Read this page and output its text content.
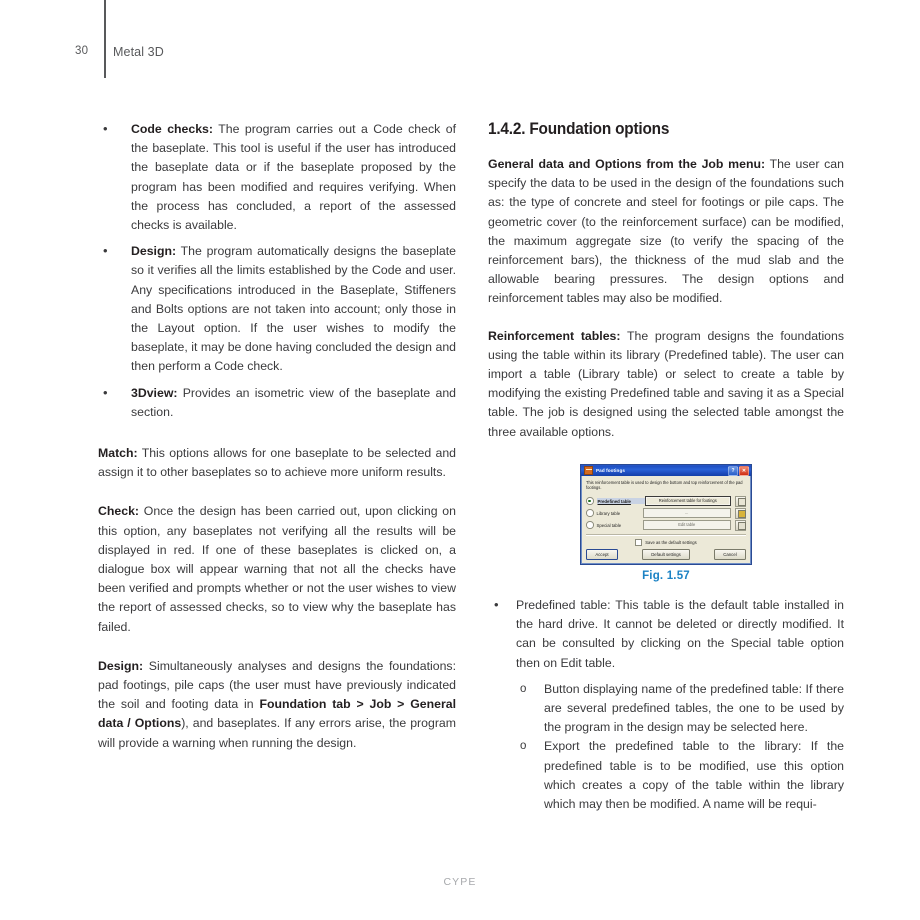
30 Metal 3D
• Code checks: The program carries out a Code check of the baseplate. This tool is useful if the user has introduced the baseplate data or if the baseplate proposed by the program has been modified and requires verifying. When the process has concluded, a report of the assessed checks is available.
• Design: The program automatically designs the baseplate so it verifies all the limits established by the Code and user. Any specifications introduced in the Baseplate, Stiffeners and Bolts options are not taken into account; only those in the Layout option. If the user wishes to modify the baseplate, it may be done having concluded the design and then perform a Code check.
• 3Dview: Provides an isometric view of the baseplate and section.

Match: This options allows for one baseplate to be selected and assign it to other baseplates so to achieve more uniform results.

Check: Once the design has been carried out, upon clicking on this option, any baseplates not verifying all the results will be displayed in red. If one of these baseplates is clicked on, a dialogue box will appear warning that not all the checks have been verified and prompts whether or not the user wishes to view the report of assessed checks, so to view why the baseplate has failed.

Design: Simultaneously analyses and designs the foundations: pad footings, pile caps (the user must have previously indicated the soil and footing data in Foundation tab > Job > General data / Options), and baseplates. If any errors arise, the program will provide a warning when running the design.

1.4.2. Foundation options

General data and Options from the Job menu: The user can specify the data to be used in the design of the foundations such as: the type of concrete and steel for footings or pile caps. The geometric cover (to the reinforcement surface) can be modified, the maximum aggregate size (to verify the spacing of the reinforcement bars), the thickness of the mud slab and the allowable bearing pressures. The design options and reinforcement tables may also be modified.

Reinforcement tables: The program designs the foundations using the table within its library (Predefined table). The user can import a table (Library table) or select to create a table by modifying the existing Predefined table and saving it as a Special table. The job is designed using the selected table amongst the three available options.

Pad footings	?	✕
This reinforcement table is used to design the bottom and top reinforcement of the pad footings.
Predefined table	Reinforcement table for footings
Library table	...
Special table	Edit table
Save as the default settings
Accept	Default settings	Cancel
Fig. 1.57
• Predefined table: This table is the default table installed in the hard drive. It cannot be deleted or directly modified. It can be consulted by clicking on the Special table option then on Edit table.
o Button displaying name of the predefined table: If there are several predefined tables, the one to be used by the program in the design may be selected here.
o Export the predefined table to the library: If the predefined table is to be modified, use this option which creates a copy of the table within the library which may then be modified. A name will be requi-
CYPE
